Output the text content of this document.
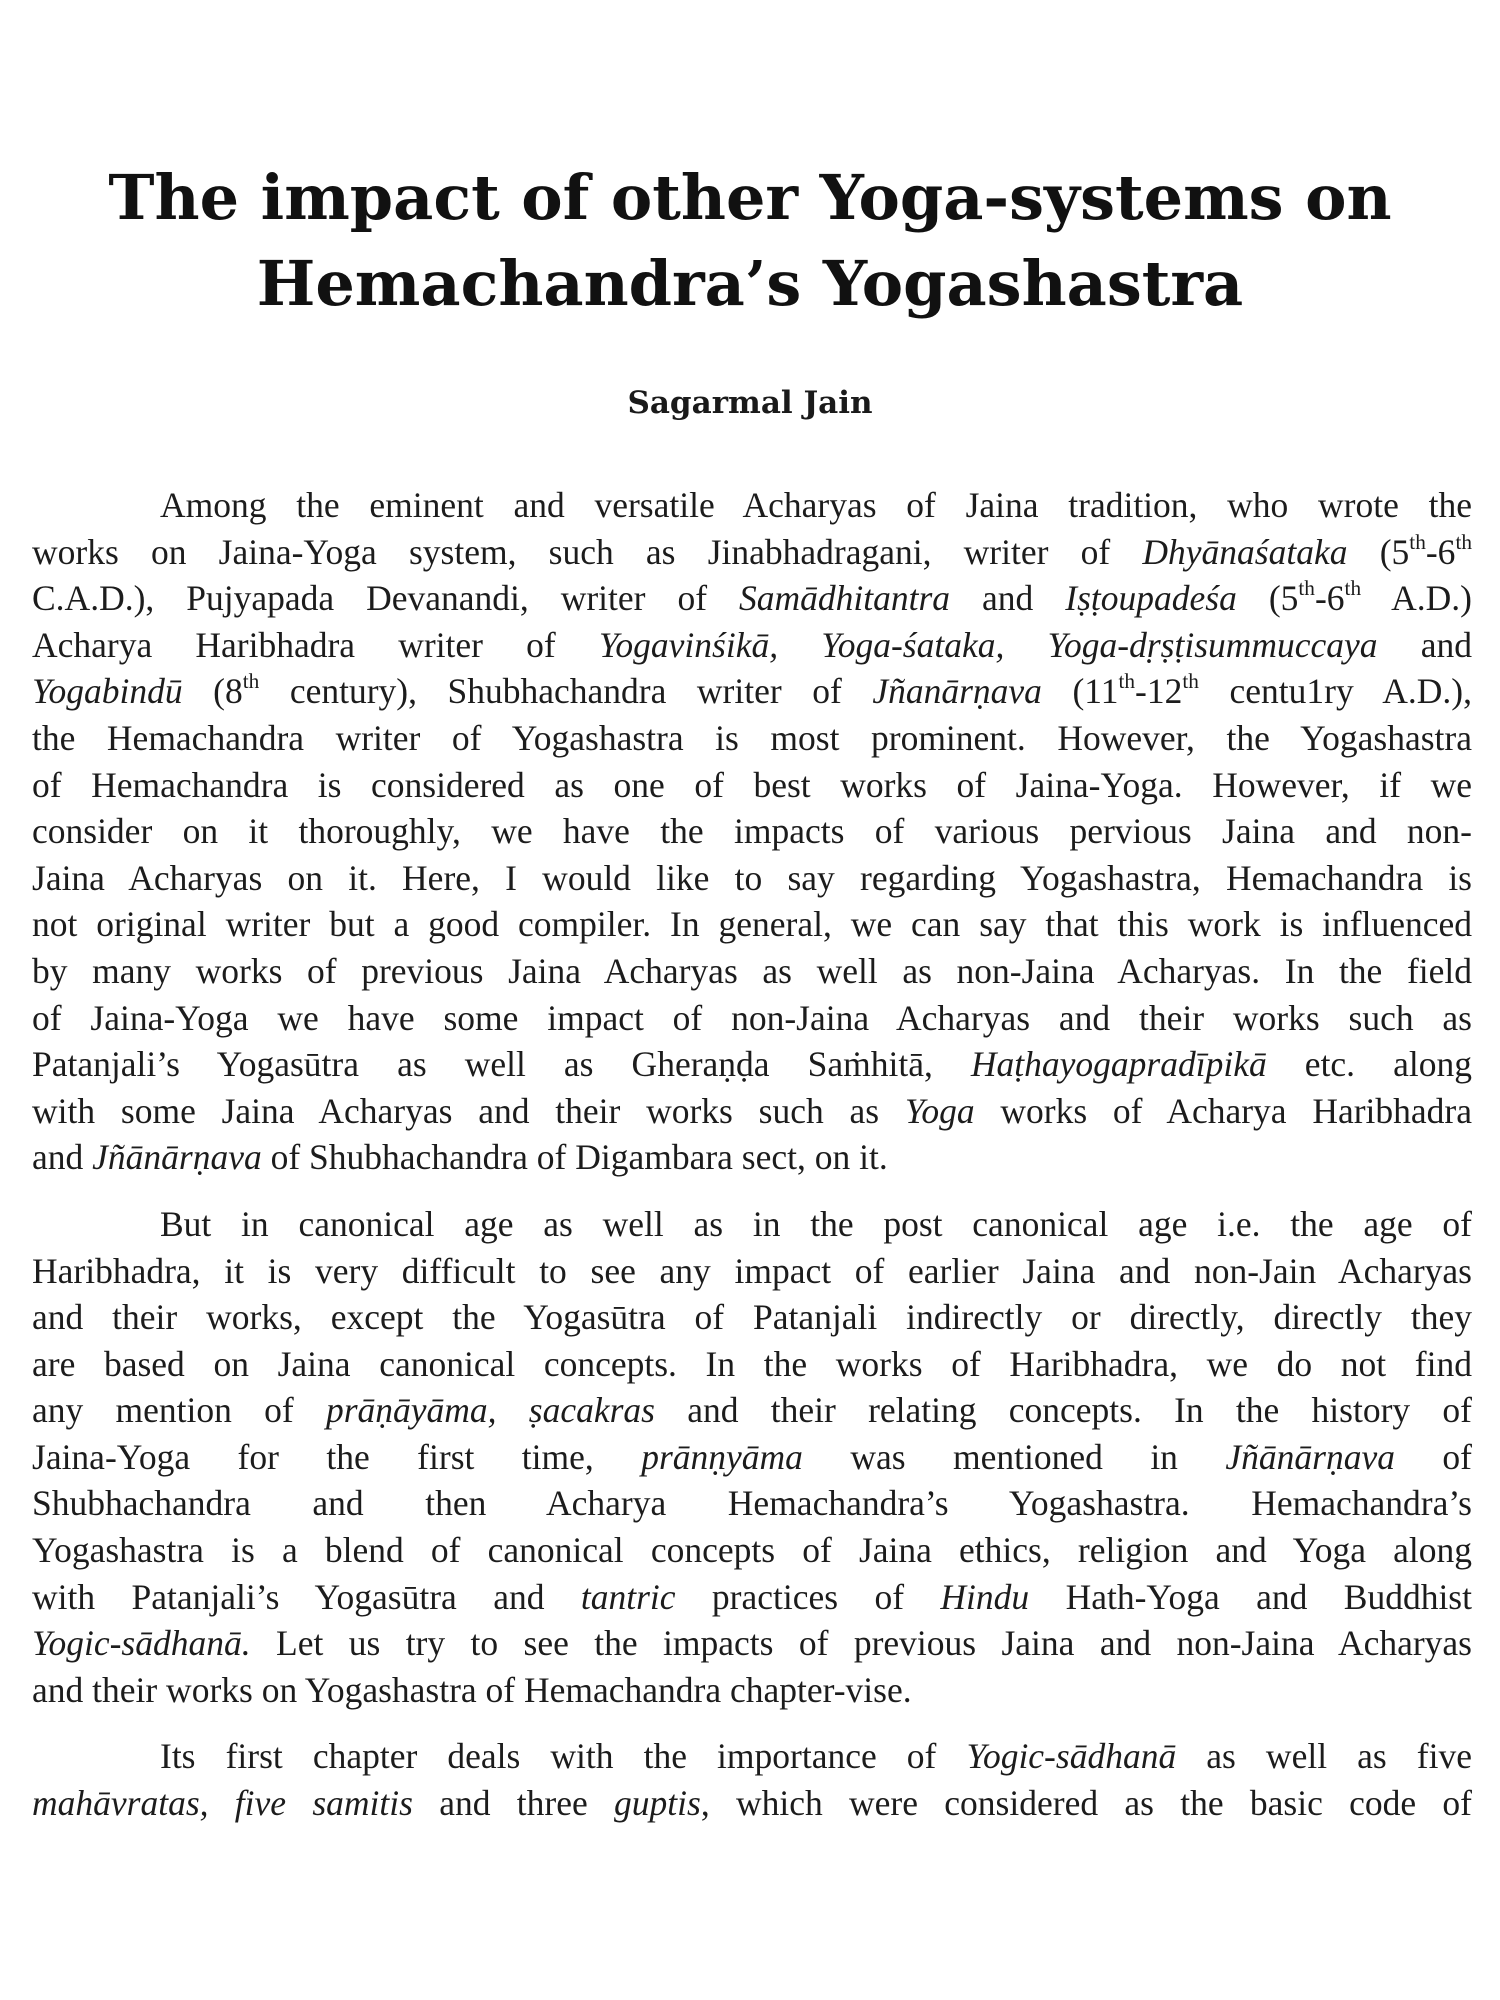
The impact of other Yoga-systems on
Hemachandra’s Yogashastra
Sagarmal Jain

Among the eminent and versatile Acharyas of Jaina tradition, who wrote the
works on Jaina-Yoga system, such as Jinabhadragani, writer of Dhyānaśataka (5th-6th
C.A.D.), Pujyapada Devanandi, writer of Samādhitantra and Iṣṭoupadeśa (5th-6th A.D.)
Acharya Haribhadra writer of Yogavinśikā, Yoga-śataka, Yoga-dṛṣṭisummuccaya and
Yogabindū (8th century), Shubhachandra writer of Jñanārṇava (11th-12th centu1ry A.D.),
the Hemachandra writer of Yogashastra is most prominent. However, the Yogashastra
of Hemachandra is considered as one of best works of Jaina-Yoga. However, if we
consider on it thoroughly, we have the impacts of various pervious Jaina and non-
Jaina Acharyas on it. Here, I would like to say regarding Yogashastra, Hemachandra is
not original writer but a good compiler. In general, we can say that this work is influenced
by many works of previous Jaina Acharyas as well as non-Jaina Acharyas. In the field
of Jaina-Yoga we have some impact of non-Jaina Acharyas and their works such as
Patanjali’s Yogasūtra as well as Gheraṇḍa Saṁhitā, Haṭhayogapradīpikā etc. along
with some Jaina Acharyas and their works such as Yoga works of Acharya Haribhadra
and Jñānārṇava of Shubhachandra of Digambara sect, on it.

But in canonical age as well as in the post canonical age i.e. the age of
Haribhadra, it is very difficult to see any impact of earlier Jaina and non-Jain Acharyas
and their works, except the Yogasūtra of Patanjali indirectly or directly, directly they
are based on Jaina canonical concepts. In the works of Haribhadra, we do not find
any mention of prāṇāyāma, ṣacakras and their relating concepts. In the history of
Jaina-Yoga for the first time, prānṇyāma was mentioned in Jñānārṇava of
Shubhachandra and then Acharya Hemachandra’s Yogashastra. Hemachandra’s
Yogashastra is a blend of canonical concepts of Jaina ethics, religion and Yoga along
with Patanjali’s Yogasūtra and tantric practices of Hindu Hath-Yoga and Buddhist
Yogic-sādhanā. Let us try to see the impacts of previous Jaina and non-Jaina Acharyas
and their works on Yogashastra of Hemachandra chapter-vise.

Its first chapter deals with the importance of Yogic-sādhanā as well as five
mahāvratas, five samitis and three guptis, which were considered as the basic code of
